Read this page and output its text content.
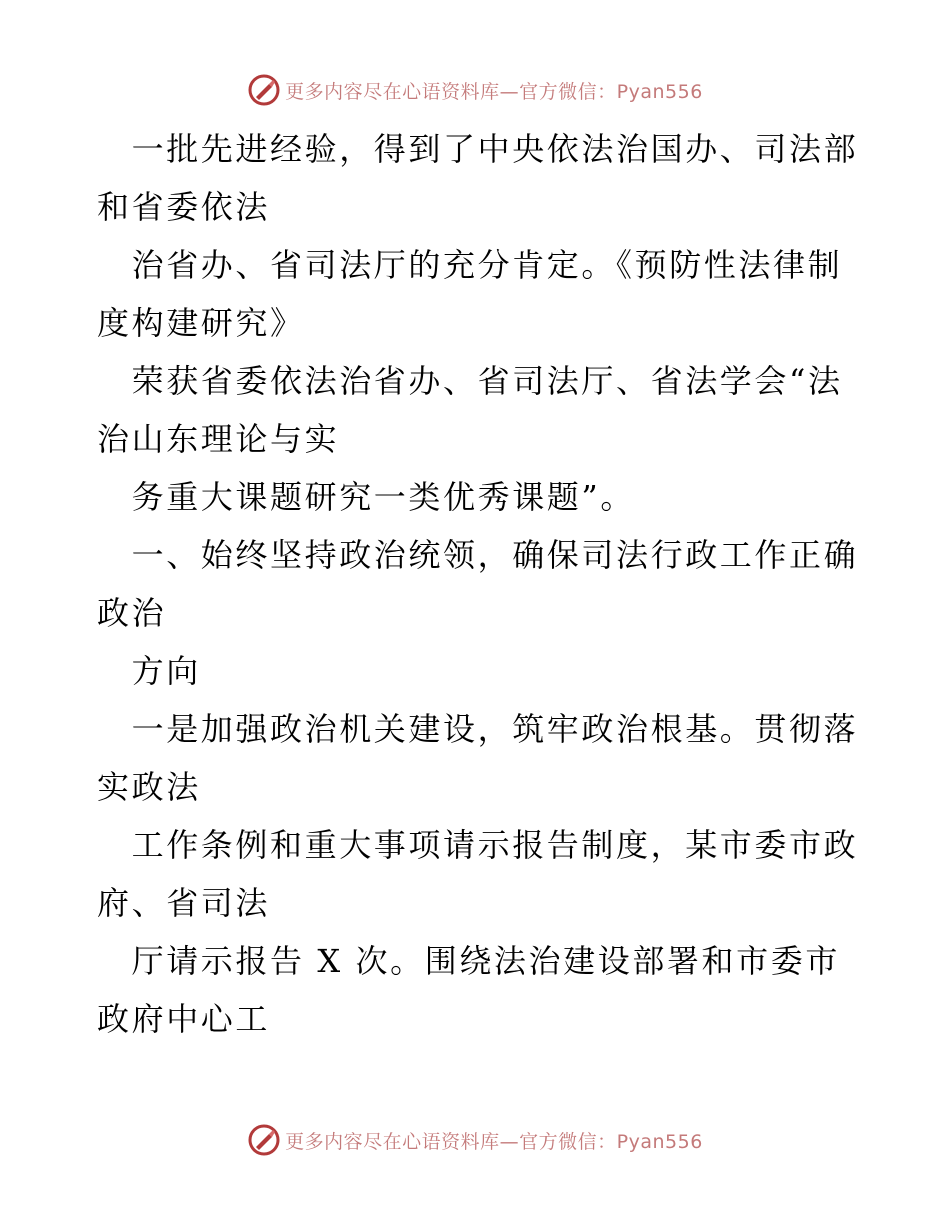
更多内容尽在心语资料库—官方微信：Pyan556

　一批先进经验，得到了中央依法治国办、司法部

和省委依法

　治省办、省司法厅的充分肯定。《预防性法律制

度构建研究》

　荣获省委依法治省办、省司法厅、省法学会“法

治山东理论与实

　务重大课题研究一类优秀课题”。

　一、始终坚持政治统领，确保司法行政工作正确

政治

　方向

　一是加强政治机关建设，筑牢政治根基。贯彻落

实政法

　工作条例和重大事项请示报告制度，某市委市政

府、省司法

　厅请示报告 X 次。围绕法治建设部署和市委市

政府中心工

更多内容尽在心语资料库—官方微信：Pyan556
